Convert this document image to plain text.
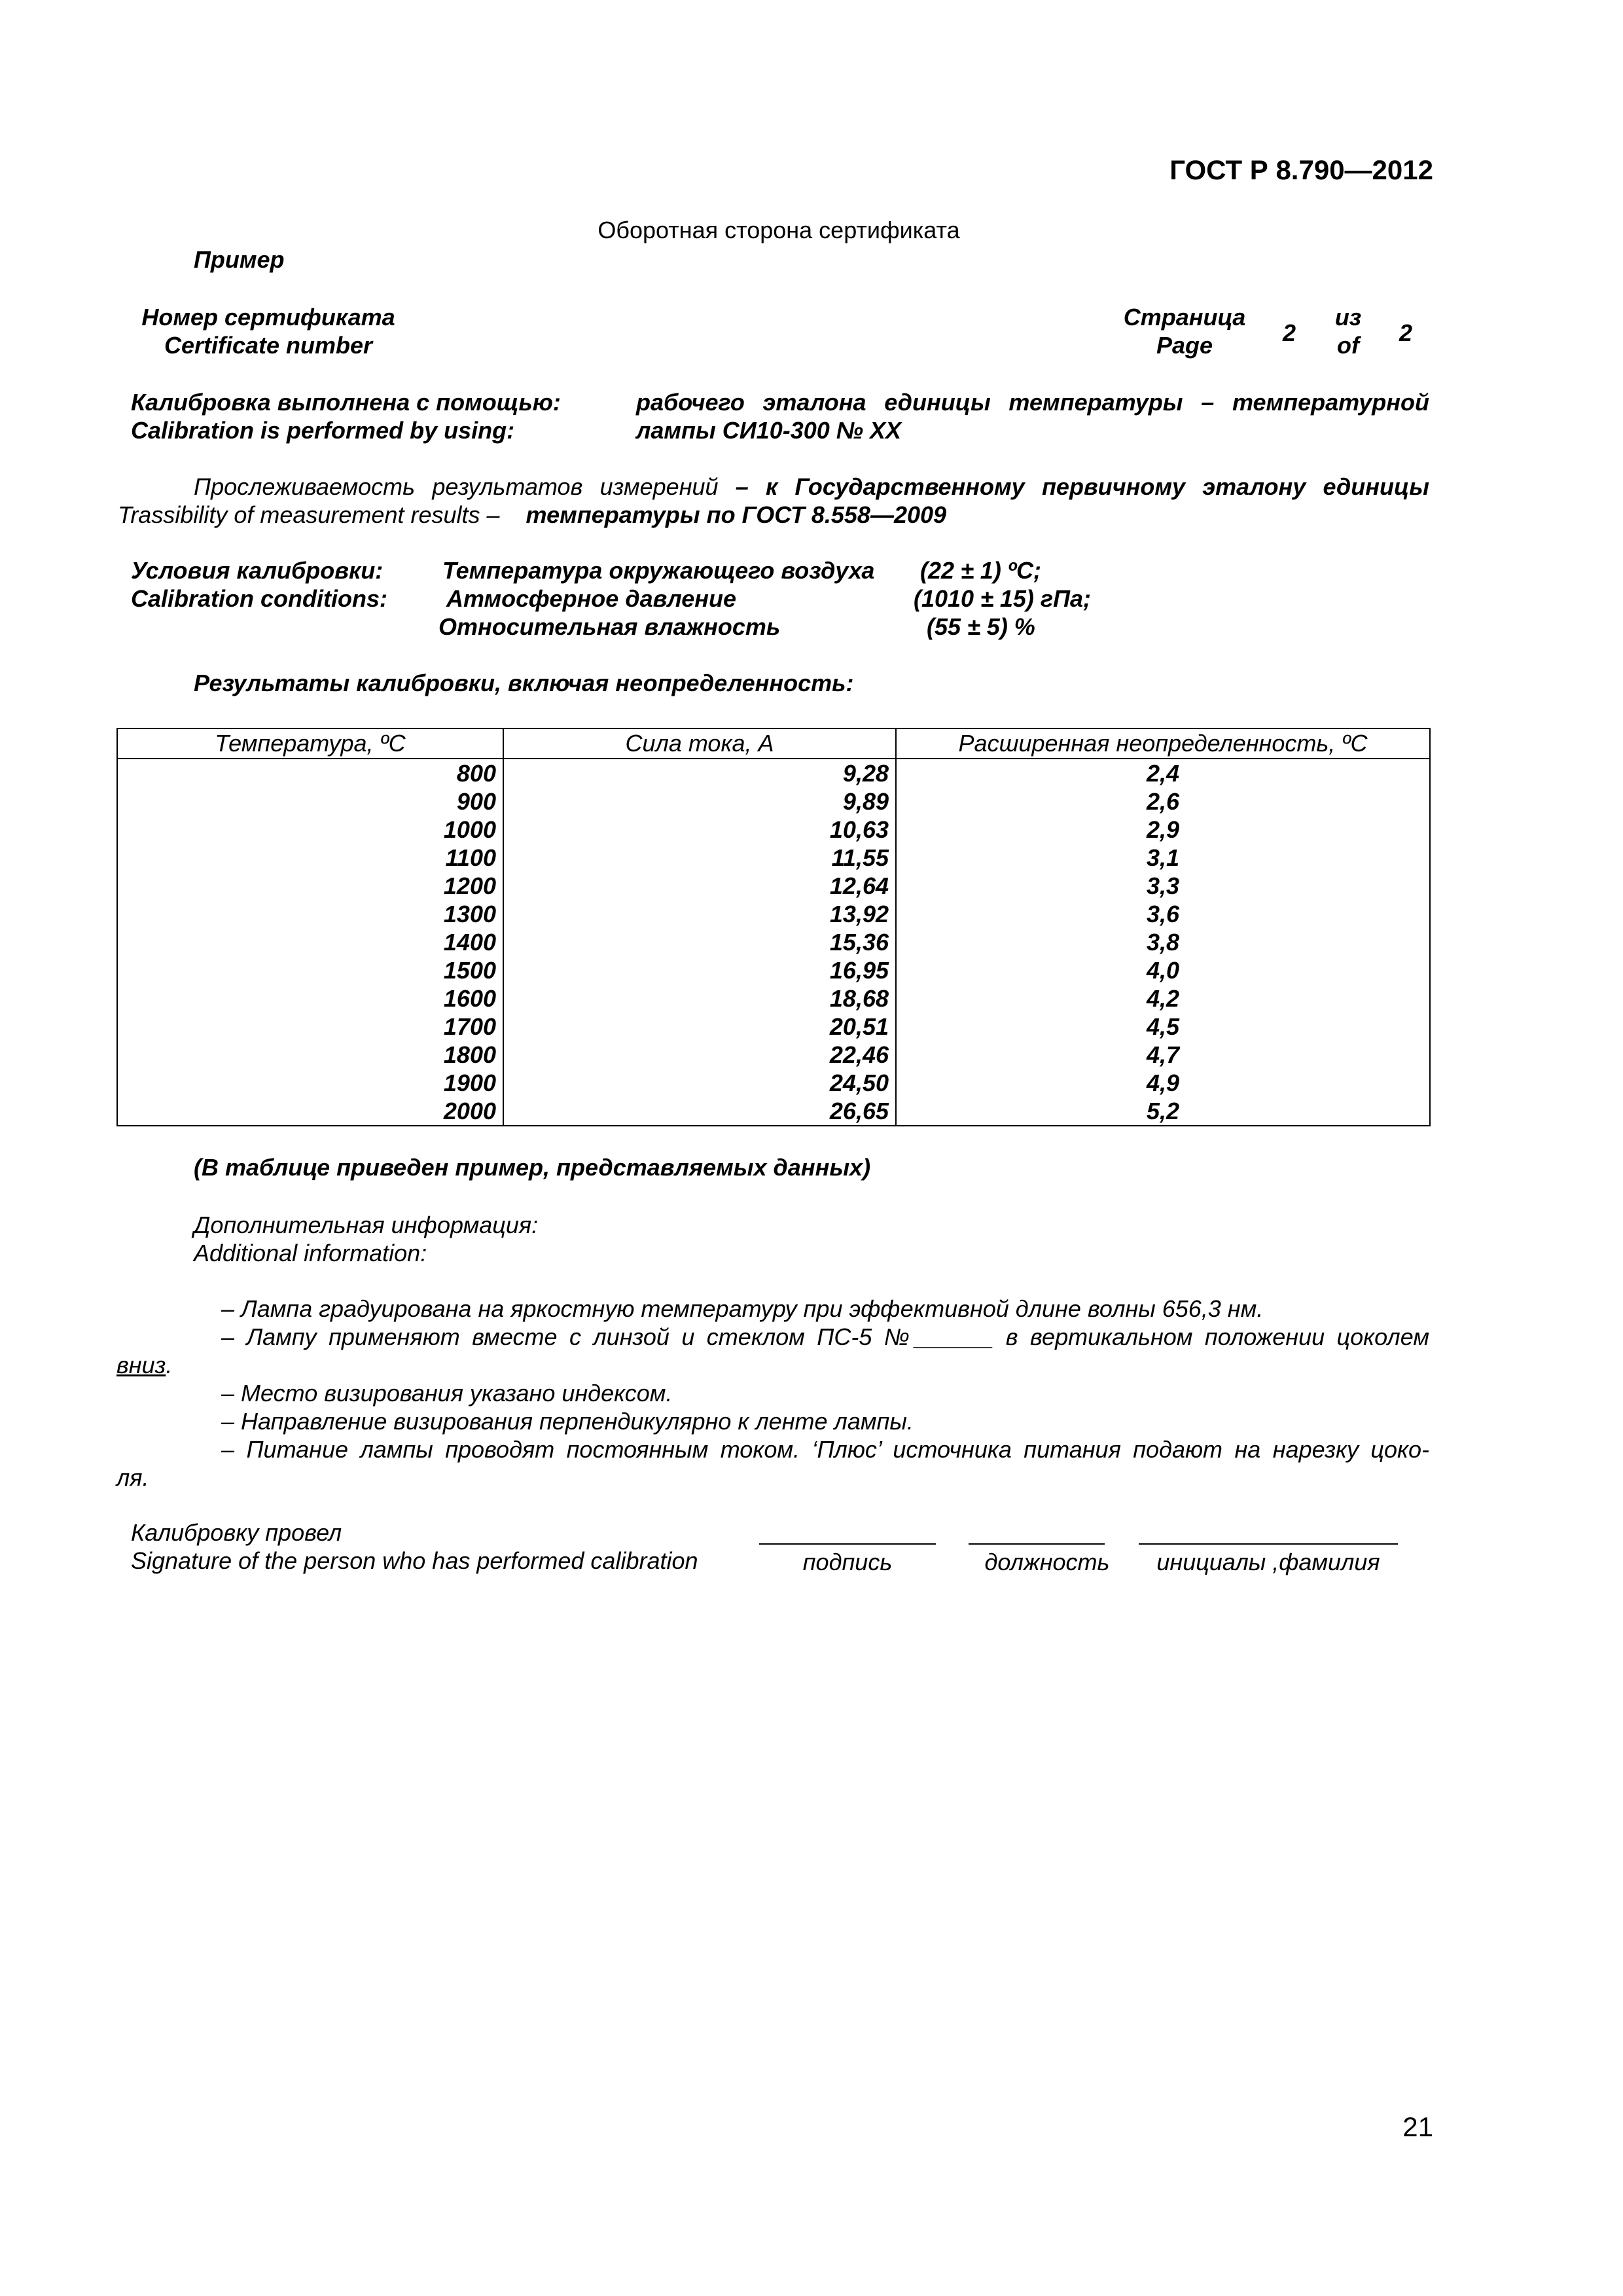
ГОСТ Р 8.790—2012
Оборотная сторона сертификата
Пример
Номер сертификата
Certificate number
Страница
Page	2
из
of	2
Калибровка выполнена с помощью:
Calibration is performed by using:
рабочего эталона единицы температуры – температурной
лампы СИ10-300 № ХХ
Прослеживаемость результатов измерений – к Государственному первичному эталону единицы
Trassibility of measurement results – температуры по ГОСТ 8.558—2009
Условия калибровки:
Calibration conditions:
Температура окружающего воздуха (22 ± 1) ºС;
Атмосферное давление	(1010 ± 15) гПа;
Относительная влажность	(55 ± 5) %
Результаты калибровки, включая неопределенность:
Температура, ºС	Сила тока, А	Расширенная неопределенность, ºС
800	9,28	2,4
900	9,89	2,6
1000	10,63	2,9
1100	11,55	3,1
1200	12,64	3,3
1300	13,92	3,6
1400	15,36	3,8
1500	16,95	4,0
1600	18,68	4,2
1700	20,51	4,5
1800	22,46	4,7
1900	24,50	4,9
2000	26,65	5,2
(В таблице приведен пример, представляемых данных)
Дополнительная информация:
Additional information:
– Лампа градуирована на яркостную температуру при эффективной длине волны 656,3 нм.
– Лампу применяют вместе с линзой и стеклом ПС-5 №______ в вертикальном положении цоколем
вниз.
– Место визирования указано индексом.
– Направление визирования перпендикулярно к ленте лампы.
– Питание лампы проводят постоянным током. ‘Плюс’ источника питания подают на нарезку цоко-
ля.
Калибровку провел
Signature of the person who has performed calibration	подпись	должность	инициалы ,фамилия
21
